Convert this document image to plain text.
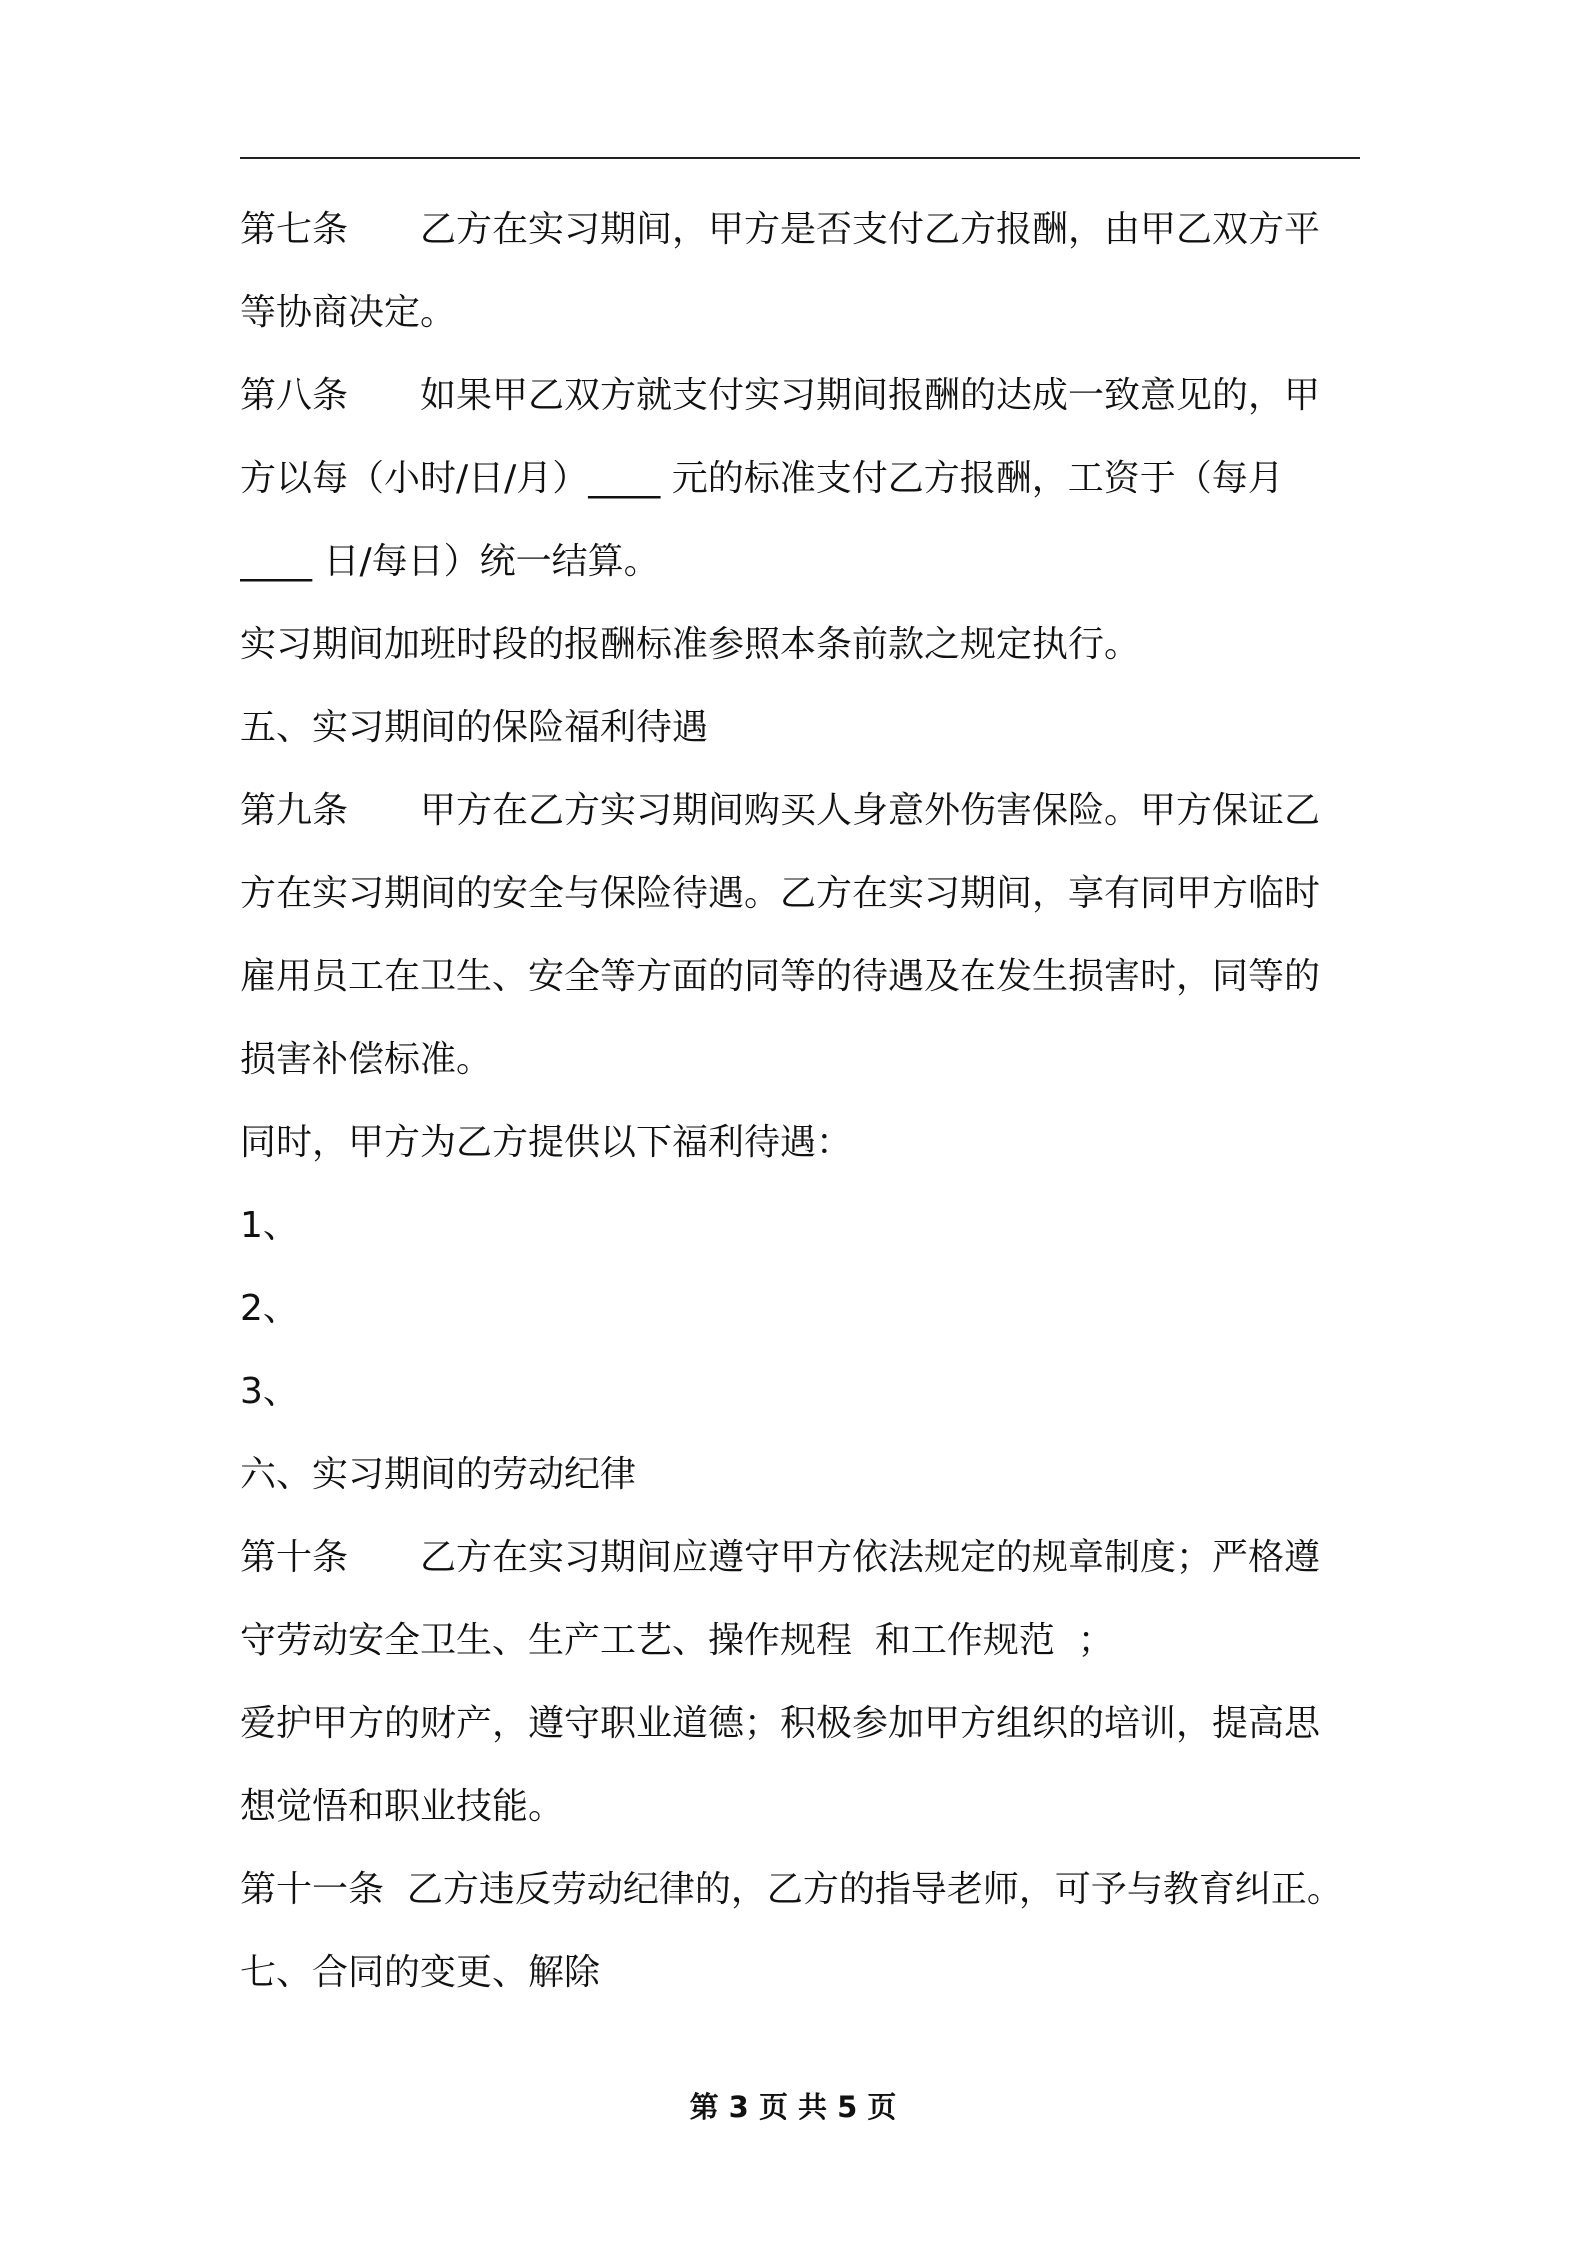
第七条　　乙方在实习期间，甲方是否支付乙方报酬，由甲乙双方平
等协商决定。
第八条　　如果甲乙双方就支付实习期间报酬的达成一致意见的，甲
方以每（小时/日/月）____ 元的标准支付乙方报酬，工资于（每月
____ 日/每日）统一结算。
实习期间加班时段的报酬标准参照本条前款之规定执行。
五、实习期间的保险福利待遇
第九条　　甲方在乙方实习期间购买人身意外伤害保险。甲方保证乙
方在实习期间的安全与保险待遇。乙方在实习期间，享有同甲方临时
雇用员工在卫生、安全等方面的同等的待遇及在发生损害时，同等的
损害补偿标准。
同时，甲方为乙方提供以下福利待遇：
1、
2、
3、
六、实习期间的劳动纪律
第十条　　乙方在实习期间应遵守甲方依法规定的规章制度；严格遵
守劳动安全卫生、生产工艺、操作规程  和工作规范  ；
爱护甲方的财产，遵守职业道德；积极参加甲方组织的培训，提高思
想觉悟和职业技能。
第十一条  乙方违反劳动纪律的，乙方的指导老师，可予与教育纠正。
七、合同的变更、解除
第 3 页 共 5 页
